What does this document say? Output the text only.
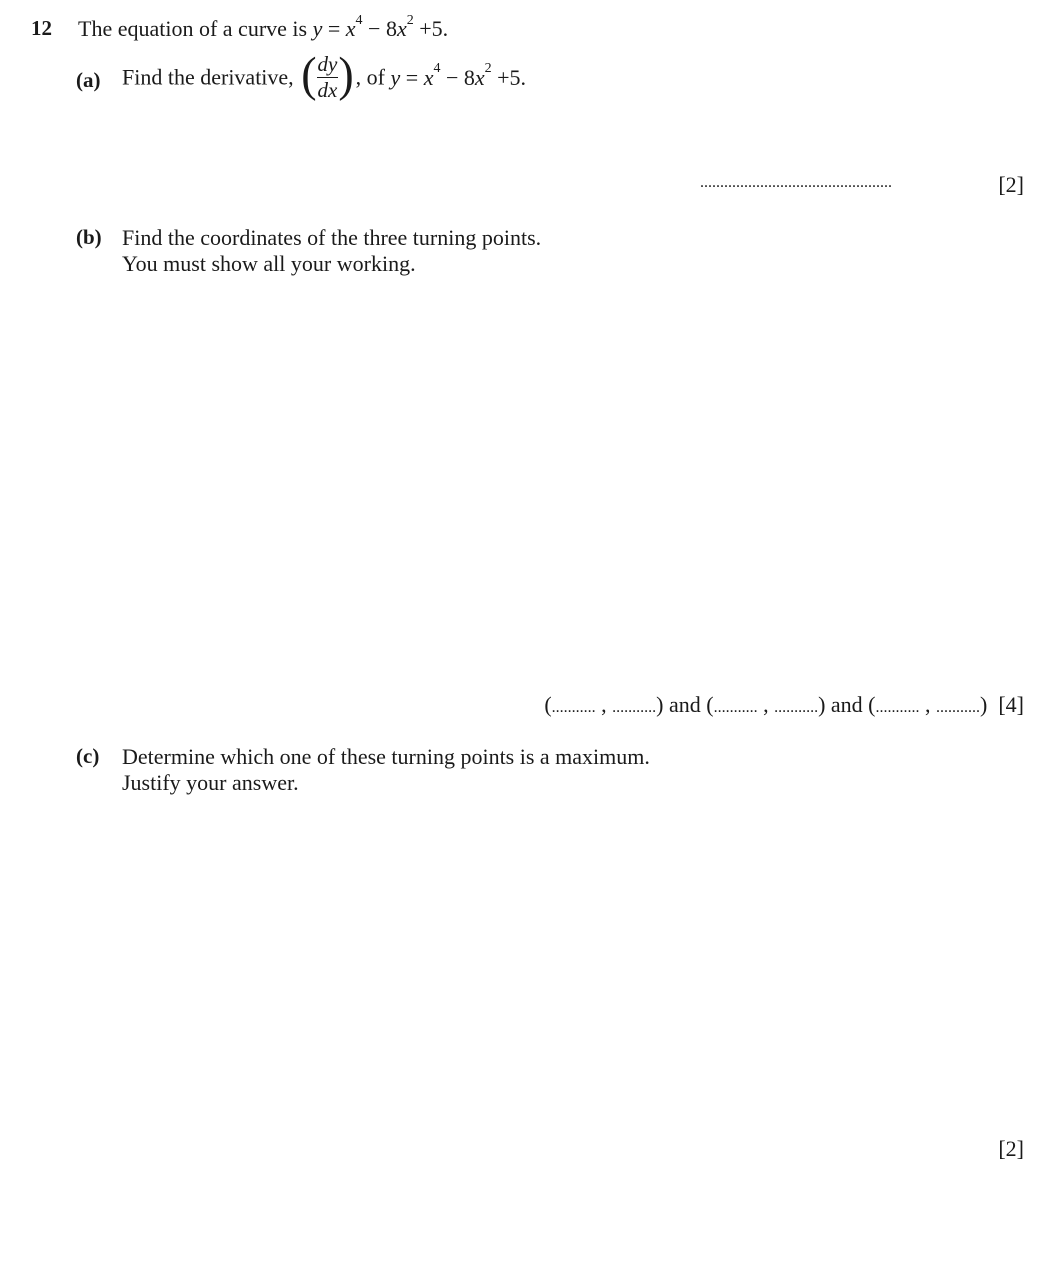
12 The equation of a curve is $y = x^4 - 8x^2 +5$.
(a) Find the derivative, ( $\frac{dy}{dx}$ ), of $y = x^4 - 8x^2 +5$.
................................................	[2]
(b) Find the coordinates of the three turning points.
You must show all your working.
(........... , ...........) and (........... , ...........) and (........... , ...........) [4]
(c) Determine which one of these turning points is a maximum.
Justify your answer.
[2]
